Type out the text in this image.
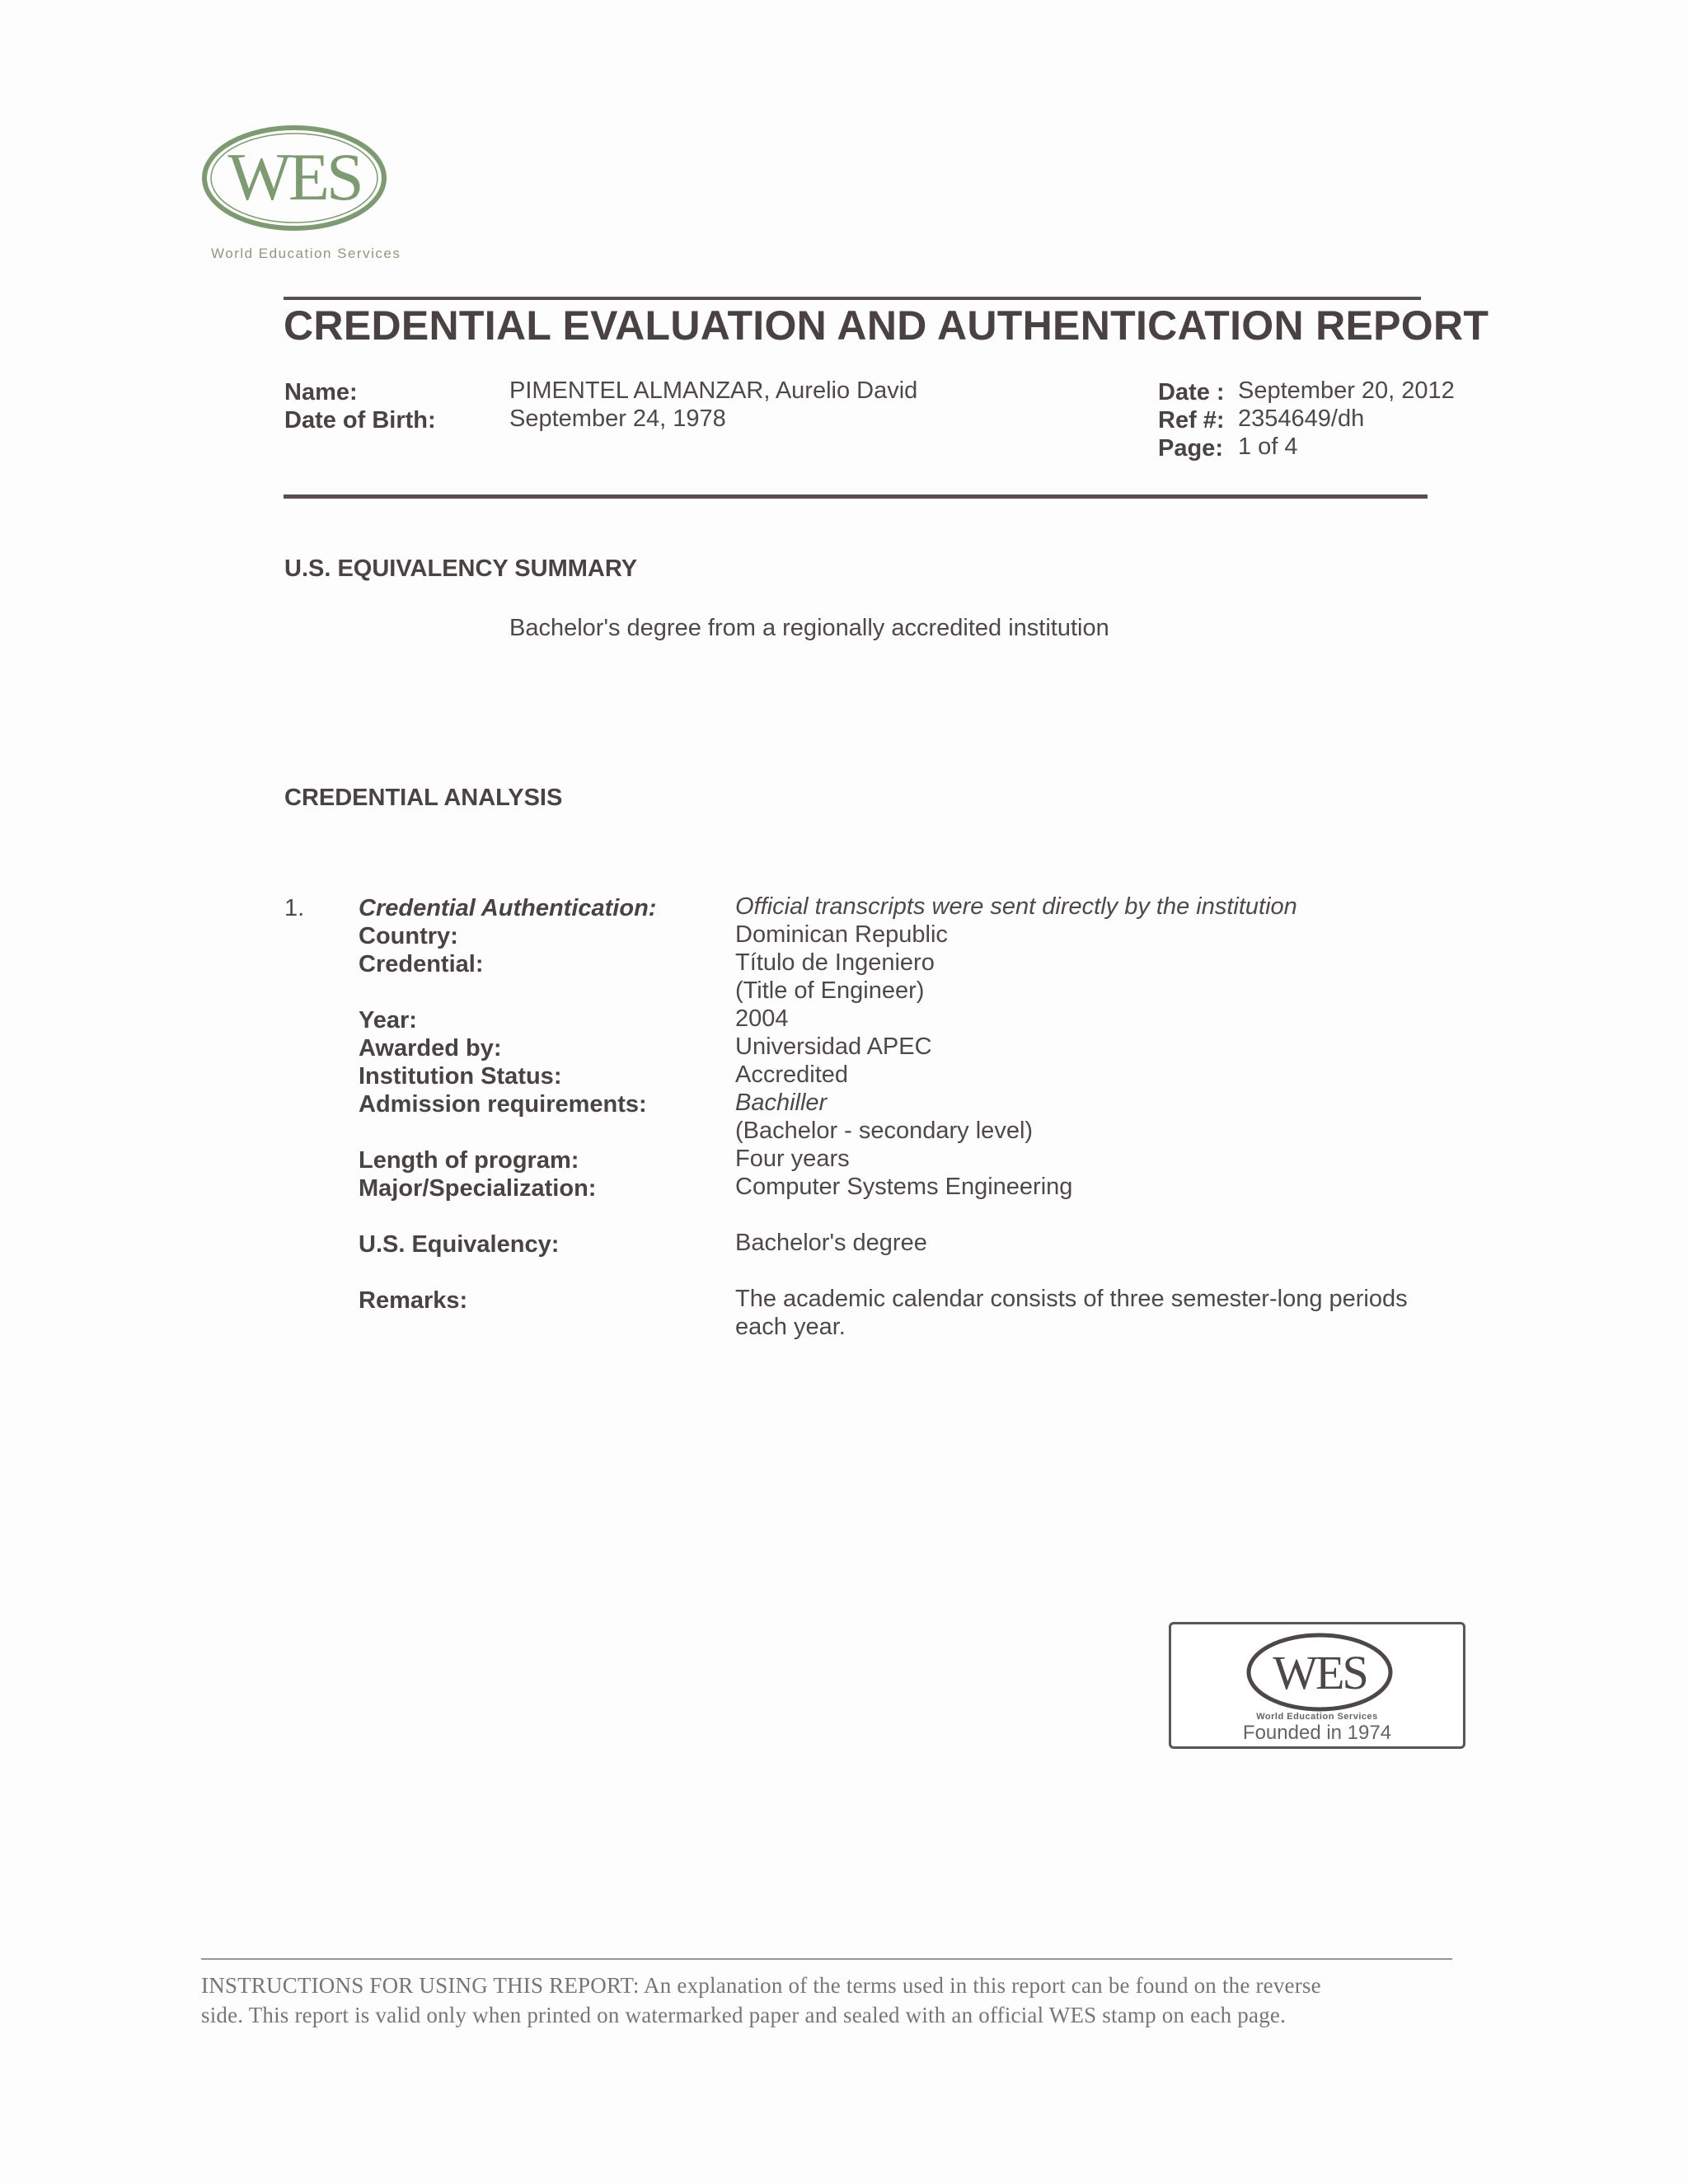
WES
World Education Services
CREDENTIAL EVALUATION AND AUTHENTICATION REPORT
Name:	PIMENTEL ALMANZAR, Aurelio David
Date of Birth:	September 24, 1978
Date : September 20, 2012
Ref #: 2354649/dh
Page: 1 of 4
U.S. EQUIVALENCY SUMMARY
Bachelor's degree from a regionally accredited institution
CREDENTIAL ANALYSIS
1. Credential Authentication:	Official transcripts were sent directly by the institution
Country:	Dominican Republic
Credential:	Título de Ingeniero
(Title of Engineer)
Year:	2004
Awarded by:	Universidad APEC
Institution Status:	Accredited
Admission requirements:	Bachiller
(Bachelor - secondary level)
Length of program:	Four years
Major/Specialization:	Computer Systems Engineering
U.S. Equivalency:	Bachelor's degree
Remarks:	The academic calendar consists of three semester-long periods
each year.
WES
World Education Services
Founded in 1974
INSTRUCTIONS FOR USING THIS REPORT: An explanation of the terms used in this report can be found on the reverse
side. This report is valid only when printed on watermarked paper and sealed with an official WES stamp on each page.
